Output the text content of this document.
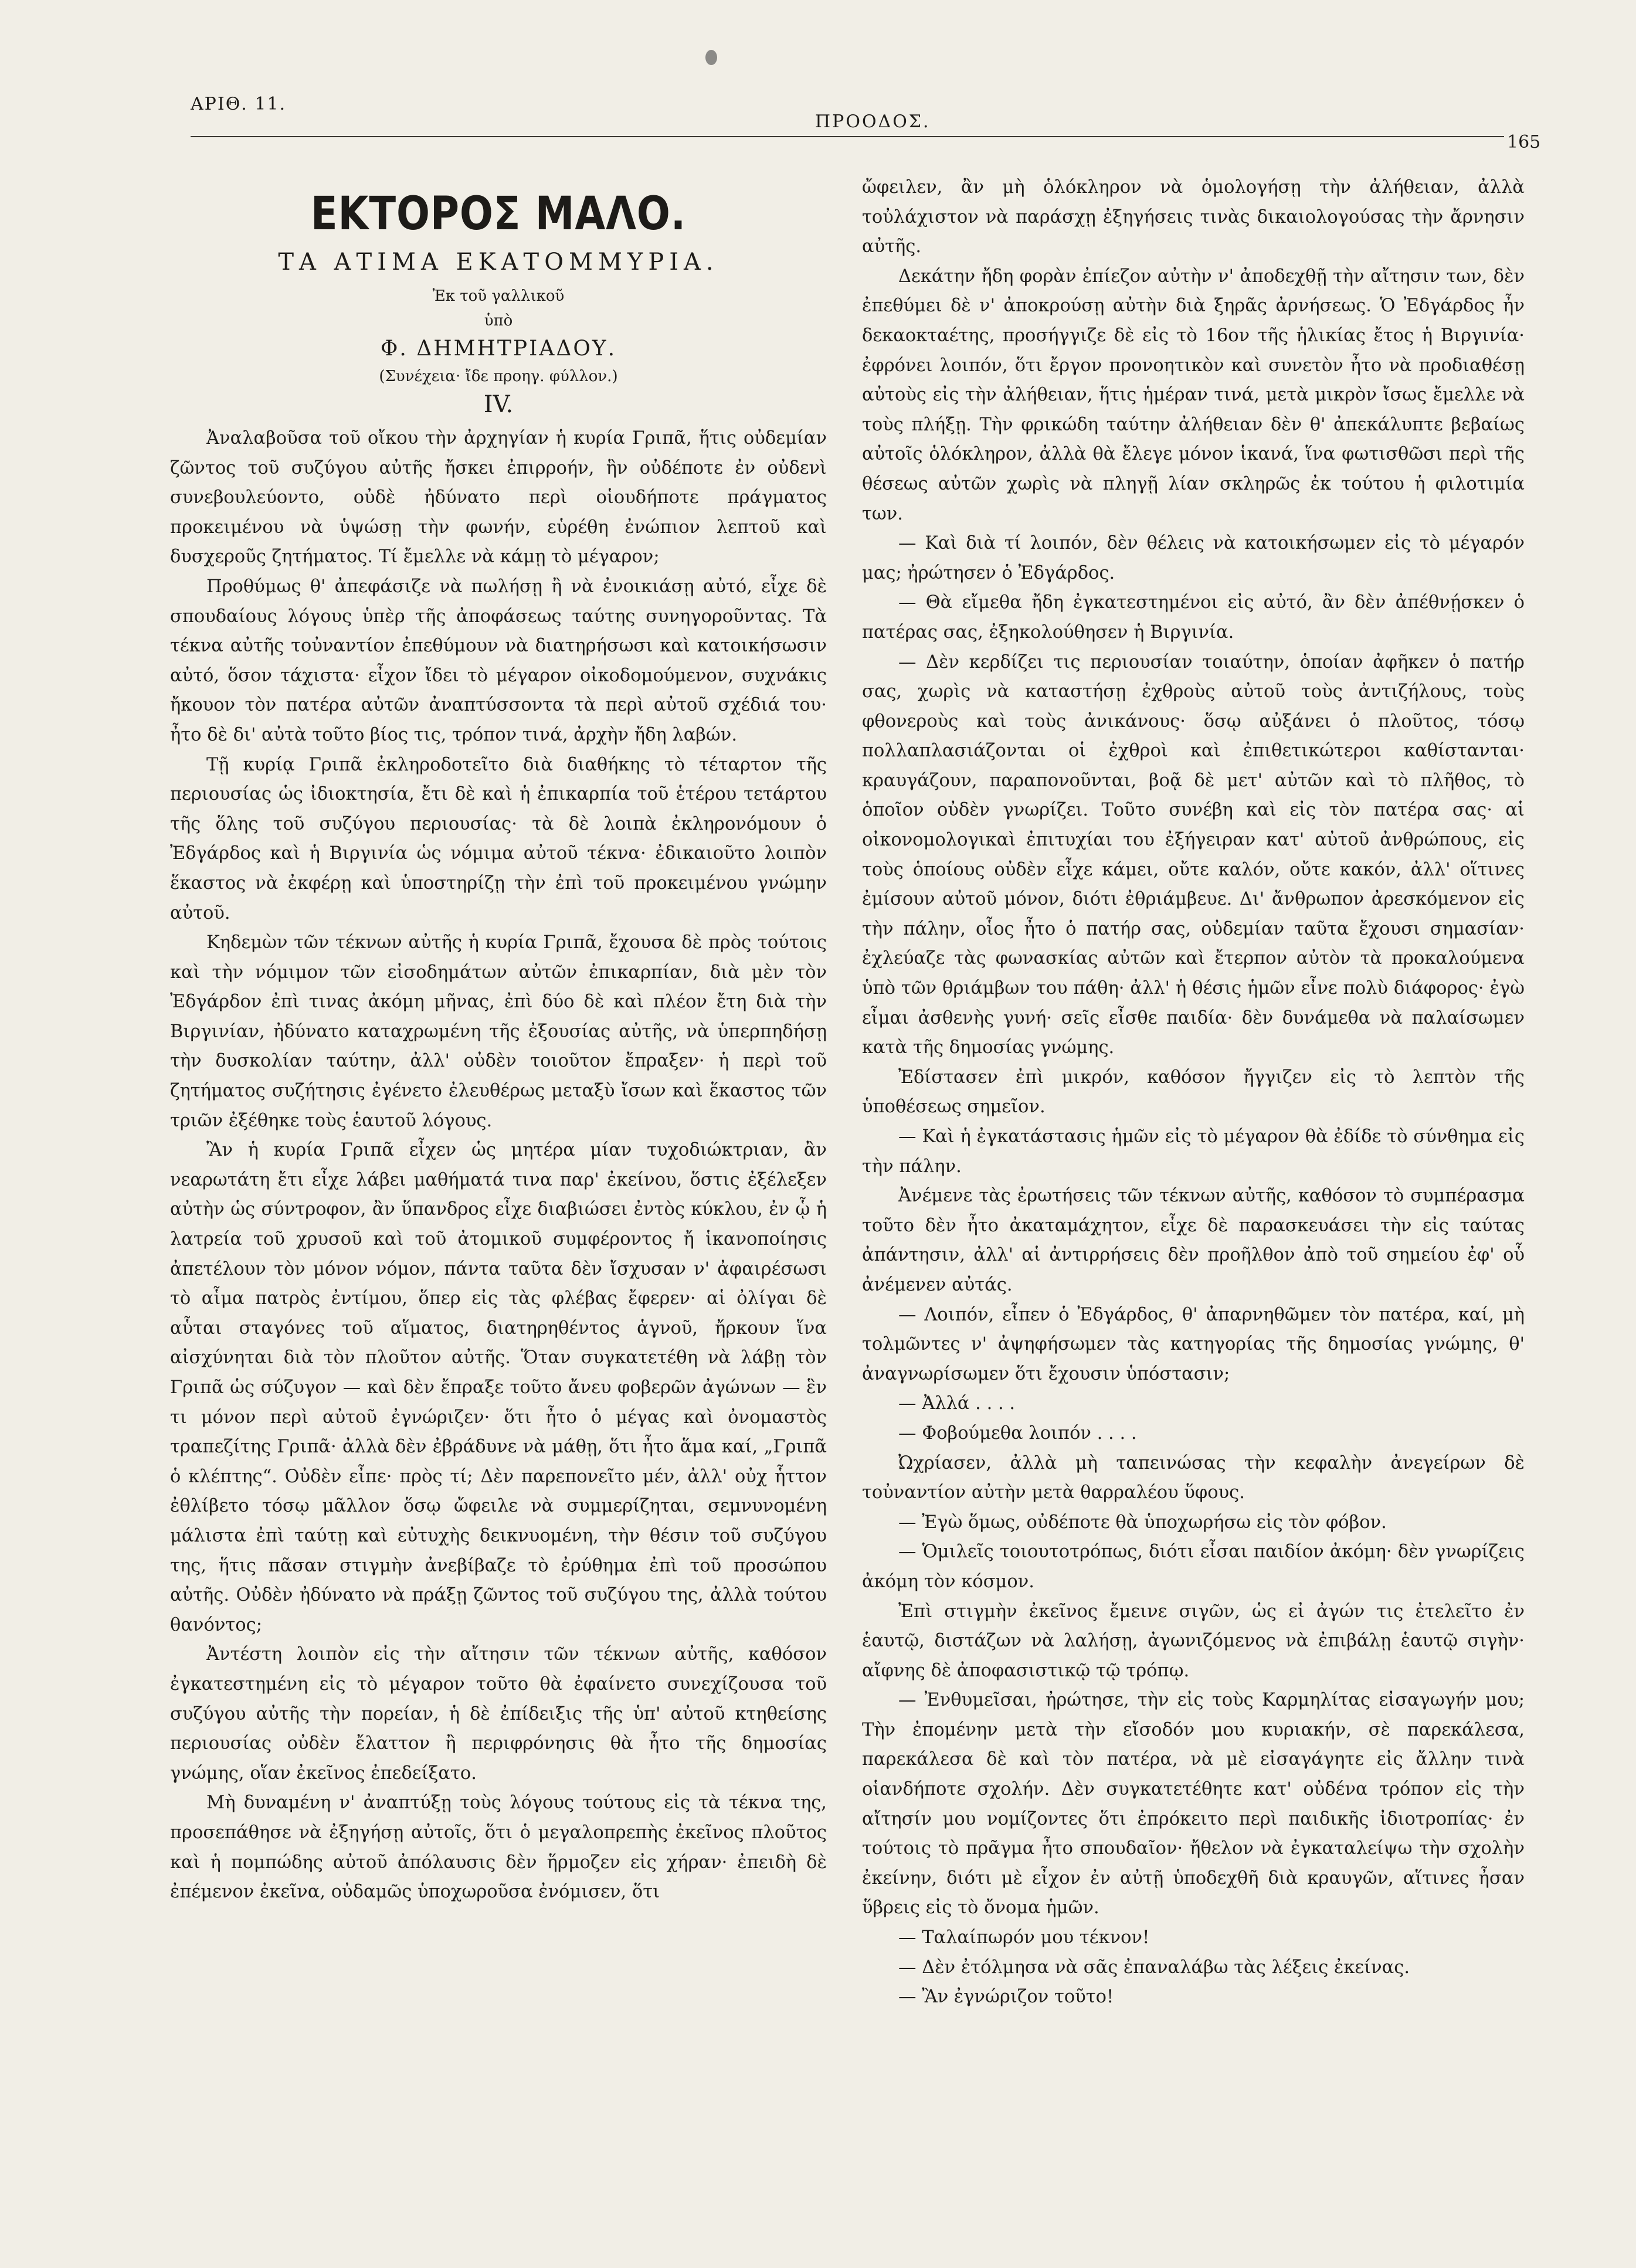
ΑΡΙΘ. 11.
ΠΡΟΟΔΟΣ.
165
ΕΚΤΟΡΟΣ ΜΑΛΟ.
ΤΑ ΑΤΙΜΑ ΕΚΑΤΟΜΜΥΡΙΑ.
Ἐκ τοῦ γαλλικοῦ
ὑπὸ
Φ. ΔΗΜΗΤΡΙΑΔΟΥ.
(Συνέχεια· ἴδε προηγ. φύλλον.)
IV.

Ἀναλαβοῦσα τοῦ οἴκου τὴν ἀρχηγίαν ἡ κυρία Γριπᾶ, ἥτις οὐδεμίαν ζῶντος τοῦ συζύγου αὐτῆς ἤσκει ἐπιρροήν, ἣν οὐδέποτε ἐν οὐδενὶ συνεβουλεύοντο, οὐδὲ ἠδύνατο περὶ οἱουδήποτε πράγματος προκειμένου νὰ ὑψώσῃ τὴν φωνήν, εὑρέθη ἐνώπιον λεπτοῦ καὶ δυσχεροῦς ζητήματος. Τί ἔμελλε νὰ κάμῃ τὸ μέγαρον;

Προθύμως θ' ἀπεφάσιζε νὰ πωλήσῃ ἢ νὰ ἐνοικιάσῃ αὐτό, εἶχε δὲ σπουδαίους λόγους ὑπὲρ τῆς ἀποφάσεως ταύτης συνηγοροῦντας. Τὰ τέκνα αὐτῆς τοὐναντίον ἐπεθύμουν νὰ διατηρήσωσι καὶ κατοικήσωσιν αὐτό, ὅσον τάχιστα· εἶχον ἴδει τὸ μέγαρον οἰκοδομούμενον, συχνάκις ἤκουον τὸν πατέρα αὐτῶν ἀναπτύσσοντα τὰ περὶ αὐτοῦ σχέδιά του· ἦτο δὲ δι' αὐτὰ τοῦτο βίος τις, τρόπον τινά, ἀρχὴν ἤδη λαβών.

Τῇ κυρίᾳ Γριπᾶ ἐκληροδοτεῖτο διὰ διαθήκης τὸ τέταρτον τῆς περιουσίας ὡς ἰδιοκτησία, ἔτι δὲ καὶ ἡ ἐπικαρπία τοῦ ἑτέρου τετάρτου τῆς ὅλης τοῦ συζύγου περιουσίας· τὰ δὲ λοιπὰ ἐκληρονόμουν ὁ Ἐδγάρδος καὶ ἡ Βιργινία ὡς νόμιμα αὐτοῦ τέκνα· ἐδικαιοῦτο λοιπὸν ἕκαστος νὰ ἐκφέρῃ καὶ ὑποστηρίζῃ τὴν ἐπὶ τοῦ προκειμένου γνώμην αὐτοῦ.

Κηδεμὼν τῶν τέκνων αὐτῆς ἡ κυρία Γριπᾶ, ἔχουσα δὲ πρὸς τούτοις καὶ τὴν νόμιμον τῶν εἰσοδημάτων αὐτῶν ἐπικαρπίαν, διὰ μὲν τὸν Ἐδγάρδον ἐπὶ τινας ἀκόμη μῆνας, ἐπὶ δύο δὲ καὶ πλέον ἔτη διὰ τὴν Βιργινίαν, ἠδύνατο καταχρωμένη τῆς ἐξουσίας αὐτῆς, νὰ ὑπερπηδήσῃ τὴν δυσκολίαν ταύτην, ἀλλ' οὐδὲν τοιοῦτον ἔπραξεν· ἡ περὶ τοῦ ζητήματος συζήτησις ἐγένετο ἐλευθέρως μεταξὺ ἴσων καὶ ἕκαστος τῶν τριῶν ἐξέθηκε τοὺς ἑαυτοῦ λόγους.

Ἂν ἡ κυρία Γριπᾶ εἶχεν ὡς μητέρα μίαν τυχοδιώκτριαν, ἂν νεαρωτάτη ἔτι εἶχε λάβει μαθήματά τινα παρ' ἐκείνου, ὅστις ἐξέλεξεν αὐτὴν ὡς σύντροφον, ἂν ὕπανδρος εἶχε διαβιώσει ἐντὸς κύκλου, ἐν ᾧ ἡ λατρεία τοῦ χρυσοῦ καὶ τοῦ ἀτομικοῦ συμφέροντος ἤ ἱκανοποίησις ἀπετέλουν τὸν μόνον νόμον, πάντα ταῦτα δὲν ἴσχυσαν ν' ἀφαιρέσωσι τὸ αἷμα πατρὸς ἐντίμου, ὅπερ εἰς τὰς φλέβας ἔφερεν· αἱ ὀλίγαι δὲ αὗται σταγόνες τοῦ αἵματος, διατηρηθέντος ἁγνοῦ, ἤρκουν ἵνα αἰσχύνηται διὰ τὸν πλοῦτον αὐτῆς. Ὅταν συγκατετέθη νὰ λάβῃ τὸν Γριπᾶ ὡς σύζυγον — καὶ δὲν ἔπραξε τοῦτο ἄνευ φοβερῶν ἀγώνων — ἓν τι μόνον περὶ αὐτοῦ ἐγνώριζεν· ὅτι ἦτο ὁ μέγας καὶ ὀνομαστὸς τραπεζίτης Γριπᾶ· ἀλλὰ δὲν ἐβράδυνε νὰ μάθῃ, ὅτι ἦτο ἅμα καί, „Γριπᾶ ὁ κλέπτης“. Οὐδὲν εἶπε· πρὸς τί; Δὲν παρεπονεῖτο μέν, ἀλλ' οὐχ ἧττον ἐθλίβετο τόσῳ μᾶλλον ὅσῳ ὤφειλε νὰ συμμερίζηται, σεμνυνομένη μάλιστα ἐπὶ ταύτῃ καὶ εὐτυχὴς δεικνυομένη, τὴν θέσιν τοῦ συζύγου της, ἥτις πᾶσαν στιγμὴν ἀνεβίβαζε τὸ ἐρύθημα ἐπὶ τοῦ προσώπου αὐτῆς. Οὐδὲν ἠδύνατο νὰ πράξῃ ζῶντος τοῦ συζύγου της, ἀλλὰ τούτου θανόντος;

Ἀντέστη λοιπὸν εἰς τὴν αἴτησιν τῶν τέκνων αὐτῆς, καθόσον ἐγκατεστημένη εἰς τὸ μέγαρον τοῦτο θὰ ἐφαίνετο συνεχίζουσα τοῦ συζύγου αὐτῆς τὴν πορείαν, ἡ δὲ ἐπίδειξις τῆς ὑπ' αὐτοῦ κτηθείσης περιουσίας οὐδὲν ἔλαττον ἢ περιφρόνησις θὰ ἦτο τῆς δημοσίας γνώμης, οἵαν ἐκεῖνος ἐπεδείξατο.

Μὴ δυναμένη ν' ἀναπτύξῃ τοὺς λόγους τούτους εἰς τὰ τέκνα της, προσεπάθησε νὰ ἐξηγήσῃ αὐτοῖς, ὅτι ὁ μεγαλοπρεπὴς ἐκεῖνος πλοῦτος καὶ ἡ πομπώδης αὐτοῦ ἀπόλαυσις δὲν ἥρμοζεν εἰς χήραν· ἐπειδὴ δὲ ἐπέμενον ἐκεῖνα, οὐδαμῶς ὑποχωροῦσα ἐνόμισεν, ὅτι

ὤφειλεν, ἂν μὴ ὁλόκληρον νὰ ὁμολογήσῃ τὴν ἀλήθειαν, ἀλλὰ τοὐλάχιστον νὰ παράσχῃ ἐξηγήσεις τινὰς δικαιολογούσας τὴν ἄρνησιν αὐτῆς.

Δεκάτην ἤδη φορὰν ἐπίεζον αὐτὴν ν' ἀποδεχθῇ τὴν αἴτησιν των, δὲν ἐπεθύμει δὲ ν' ἀποκρούσῃ αὐτὴν διὰ ξηρᾶς ἀρνήσεως. Ὁ Ἐδγάρδος ἦν δεκαοκταέτης, προσήγγιζε δὲ εἰς τὸ 16ον τῆς ἡλικίας ἔτος ἡ Βιργινία· ἐφρόνει λοιπόν, ὅτι ἔργον προνοητικὸν καὶ συνετὸν ἦτο νὰ προδιαθέσῃ αὐτοὺς εἰς τὴν ἀλήθειαν, ἥτις ἡμέραν τινά, μετὰ μικρὸν ἴσως ἔμελλε νὰ τοὺς πλήξῃ. Τὴν φρικώδη ταύτην ἀλήθειαν δὲν θ' ἀπεκάλυπτε βεβαίως αὐτοῖς ὁλόκληρον, ἀλλὰ θὰ ἔλεγε μόνον ἱκανά, ἵνα φωτισθῶσι περὶ τῆς θέσεως αὐτῶν χωρὶς νὰ πληγῇ λίαν σκληρῶς ἐκ τούτου ἡ φιλοτιμία των.

— Καὶ διὰ τί λοιπόν, δὲν θέλεις νὰ κατοικήσωμεν εἰς τὸ μέγαρόν μας; ἠρώτησεν ὁ Ἐδγάρδος.

— Θὰ εἴμεθα ἤδη ἐγκατεστημένοι εἰς αὐτό, ἂν δὲν ἀπέθνῄσκεν ὁ πατέρας σας, ἐξηκολούθησεν ἡ Βιργινία.

— Δὲν κερδίζει τις περιουσίαν τοιαύτην, ὁποίαν ἀφῆκεν ὁ πατήρ σας, χωρὶς νὰ καταστήσῃ ἐχθροὺς αὐτοῦ τοὺς ἀντιζήλους, τοὺς φθονεροὺς καὶ τοὺς ἀνικάνους· ὅσῳ αὐξάνει ὁ πλοῦτος, τόσῳ πολλαπλασιάζονται οἱ ἐχθροὶ καὶ ἐπιθετικώτεροι καθίστανται· κραυγάζουν, παραπονοῦνται, βοᾷ δὲ μετ' αὐτῶν καὶ τὸ πλῆθος, τὸ ὁποῖον οὐδὲν γνωρίζει. Τοῦτο συνέβη καὶ εἰς τὸν πατέρα σας· αἱ οἰκονομολογικαὶ ἐπιτυχίαι του ἐξήγειραν κατ' αὐτοῦ ἀνθρώπους, εἰς τοὺς ὁποίους οὐδὲν εἶχε κάμει, οὔτε καλόν, οὔτε κακόν, ἀλλ' οἵτινες ἐμίσουν αὐτοῦ μόνον, διότι ἐθριάμβευε. Δι' ἄνθρωπον ἀρεσκόμενον εἰς τὴν πάλην, οἷος ἦτο ὁ πατήρ σας, οὐδεμίαν ταῦτα ἔχουσι σημασίαν· ἐχλεύαζε τὰς φωνασκίας αὐτῶν καὶ ἔτερπον αὐτὸν τὰ προκαλούμενα ὑπὸ τῶν θριάμβων του πάθη· ἀλλ' ἡ θέσις ἡμῶν εἶνε πολὺ διάφορος· ἐγὼ εἶμαι ἀσθενὴς γυνή· σεῖς εἶσθε παιδία· δὲν δυνάμεθα νὰ παλαίσωμεν κατὰ τῆς δημοσίας γνώμης.

Ἐδίστασεν ἐπὶ μικρόν, καθόσον ἤγγιζεν εἰς τὸ λεπτὸν τῆς ὑποθέσεως σημεῖον.

— Καὶ ἡ ἐγκατάστασις ἡμῶν εἰς τὸ μέγαρον θὰ ἐδίδε τὸ σύνθημα εἰς τὴν πάλην.

Ἀνέμενε τὰς ἐρωτήσεις τῶν τέκνων αὐτῆς, καθόσον τὸ συμπέρασμα τοῦτο δὲν ἦτο ἀκαταμάχητον, εἶχε δὲ παρασκευάσει τὴν εἰς ταύτας ἀπάντησιν, ἀλλ' αἱ ἀντιρρήσεις δὲν προῆλθον ἀπὸ τοῦ σημείου ἐφ' οὗ ἀνέμενεν αὐτάς.

— Λοιπόν, εἶπεν ὁ Ἐδγάρδος, θ' ἀπαρνηθῶμεν τὸν πατέρα, καί, μὴ τολμῶντες ν' ἀψηφήσωμεν τὰς κατηγορίας τῆς δημοσίας γνώμης, θ' ἀναγνωρίσωμεν ὅτι ἔχουσιν ὑπόστασιν;

— Ἀλλά . . . .

— Φοβούμεθα λοιπόν . . . .

Ὠχρίασεν, ἀλλὰ μὴ ταπεινώσας τὴν κεφαλὴν ἀνεγείρων δὲ τοὐναντίον αὐτὴν μετὰ θαρραλέου ὕφους.

— Ἐγὼ ὅμως, οὐδέποτε θὰ ὑποχωρήσω εἰς τὸν φόβον.

— Ὁμιλεῖς τοιουτοτρόπως, διότι εἶσαι παιδίον ἀκόμη· δὲν γνωρίζεις ἀκόμη τὸν κόσμον.

Ἐπὶ στιγμὴν ἐκεῖνος ἔμεινε σιγῶν, ὡς εἰ ἀγών τις ἐτελεῖτο ἐν ἑαυτῷ, διστάζων νὰ λαλήσῃ, ἀγωνιζόμενος νὰ ἐπιβάλῃ ἑαυτῷ σιγὴν· αἴφνης δὲ ἀποφασιστικῷ τῷ τρόπῳ.

— Ἐνθυμεῖσαι, ἠρώτησε, τὴν εἰς τοὺς Καρμηλίτας εἰσαγωγήν μου; Τὴν ἐπομένην μετὰ τὴν εἴσοδόν μου κυριακήν, σὲ παρεκάλεσα, παρεκάλεσα δὲ καὶ τὸν πατέρα, νὰ μὲ εἰσαγάγητε εἰς ἄλλην τινὰ οἱανδήποτε σχολήν. Δὲν συγκατετέθητε κατ' οὐδένα τρόπον εἰς τὴν αἴτησίν μου νομίζοντες ὅτι ἐπρόκειτο περὶ παιδικῆς ἰδιοτροπίας· ἐν τούτοις τὸ πρᾶγμα ἦτο σπουδαῖον· ἤθελον νὰ ἐγκαταλείψω τὴν σχολὴν ἐκείνην, διότι μὲ εἶχον ἐν αὐτῇ ὑποδεχθῆ διὰ κραυγῶν, αἵτινες ἦσαν ὕβρεις εἰς τὸ ὄνομα ἡμῶν.

— Ταλαίπωρόν μου τέκνον!

— Δὲν ἐτόλμησα νὰ σᾶς ἐπαναλάβω τὰς λέξεις ἐκείνας.

— Ἂν ἐγνώριζον τοῦτο!
